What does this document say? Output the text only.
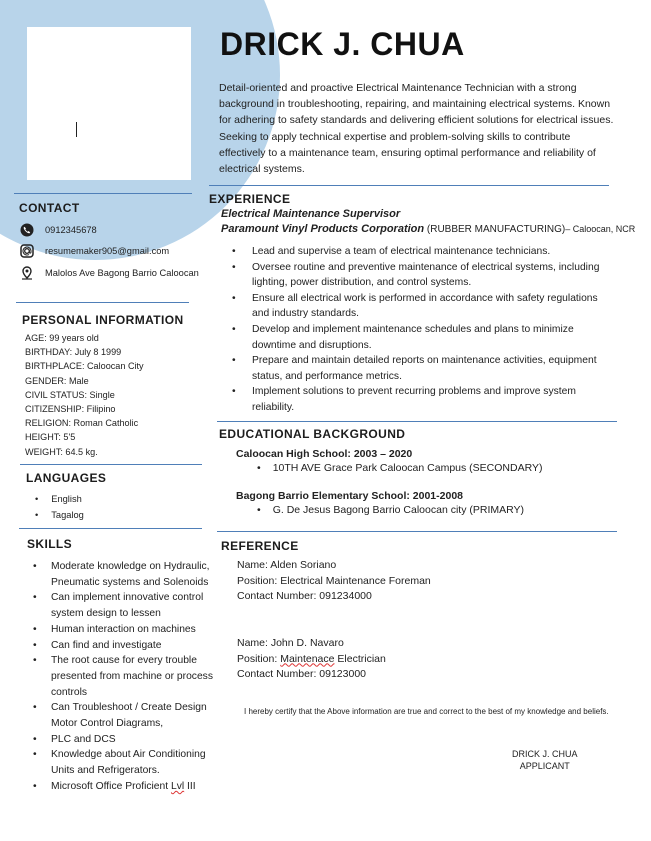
DRICK J. CHUA

Detail-oriented and proactive Electrical Maintenance Technician with a strong background in troubleshooting, repairing, and maintaining electrical systems. Known for adhering to safety standards and delivering efficient solutions for electrical issues. Seeking to apply technical expertise and problem-solving skills to contribute effectively to a maintenance team, ensuring optimal performance and reliability of electrical systems.

CONTACT
0912345678
resumemaker905@gmail.com
Malolos Ave Bagong Barrio Caloocan
PERSONAL INFORMATION
AGE: 99 years old
BIRTHDAY: July 8 1999
BIRTHPLACE: Caloocan City
GENDER: Male
CIVIL STATUS: Single
CITIZENSHIP: Filipino
RELIGION: Roman Catholic
HEIGHT: 5'5
WEIGHT: 64.5 kg.
LANGUAGES
• English
• Tagalog
SKILLS
• Moderate knowledge on Hydraulic, Pneumatic systems and Solenoids
• Can implement innovative control system design to lessen
• Human interaction on machines
• Can find and investigate
• The root cause for every trouble presented from machine or process controls
• Can Troubleshoot / Create Design Motor Control Diagrams,
• PLC and DCS
• Knowledge about Air Conditioning Units and Refrigerators.
• Microsoft Office Proficient Lvl III
EXPERIENCE
Electrical Maintenance Supervisor
Paramount Vinyl Products Corporation (RUBBER MANUFACTURING)– Caloocan, NCR
• Lead and supervise a team of electrical maintenance technicians.
• Oversee routine and preventive maintenance of electrical systems, including lighting, power distribution, and control systems.
• Ensure all electrical work is performed in accordance with safety regulations and industry standards.
• Develop and implement maintenance schedules and plans to minimize downtime and disruptions.
• Prepare and maintain detailed reports on maintenance activities, equipment status, and performance metrics.
• Implement solutions to prevent recurring problems and improve system reliability.
EDUCATIONAL BACKGROUND
Caloocan High School: 2003 – 2020
• 10TH AVE Grace Park Caloocan Campus (SECONDARY)
Bagong Barrio Elementary School: 2001-2008
• G. De Jesus Bagong Barrio Caloocan city (PRIMARY)
REFERENCE
Name: Alden Soriano
Position: Electrical Maintenance Foreman
Contact Number: 091234000
Name: John D. Navaro
Position: Maintenace Electrician
Contact Number: 09123000
I hereby certify that the Above information are true and correct to the best of my knowledge and beliefs.
DRICK J. CHUA
APPLICANT
